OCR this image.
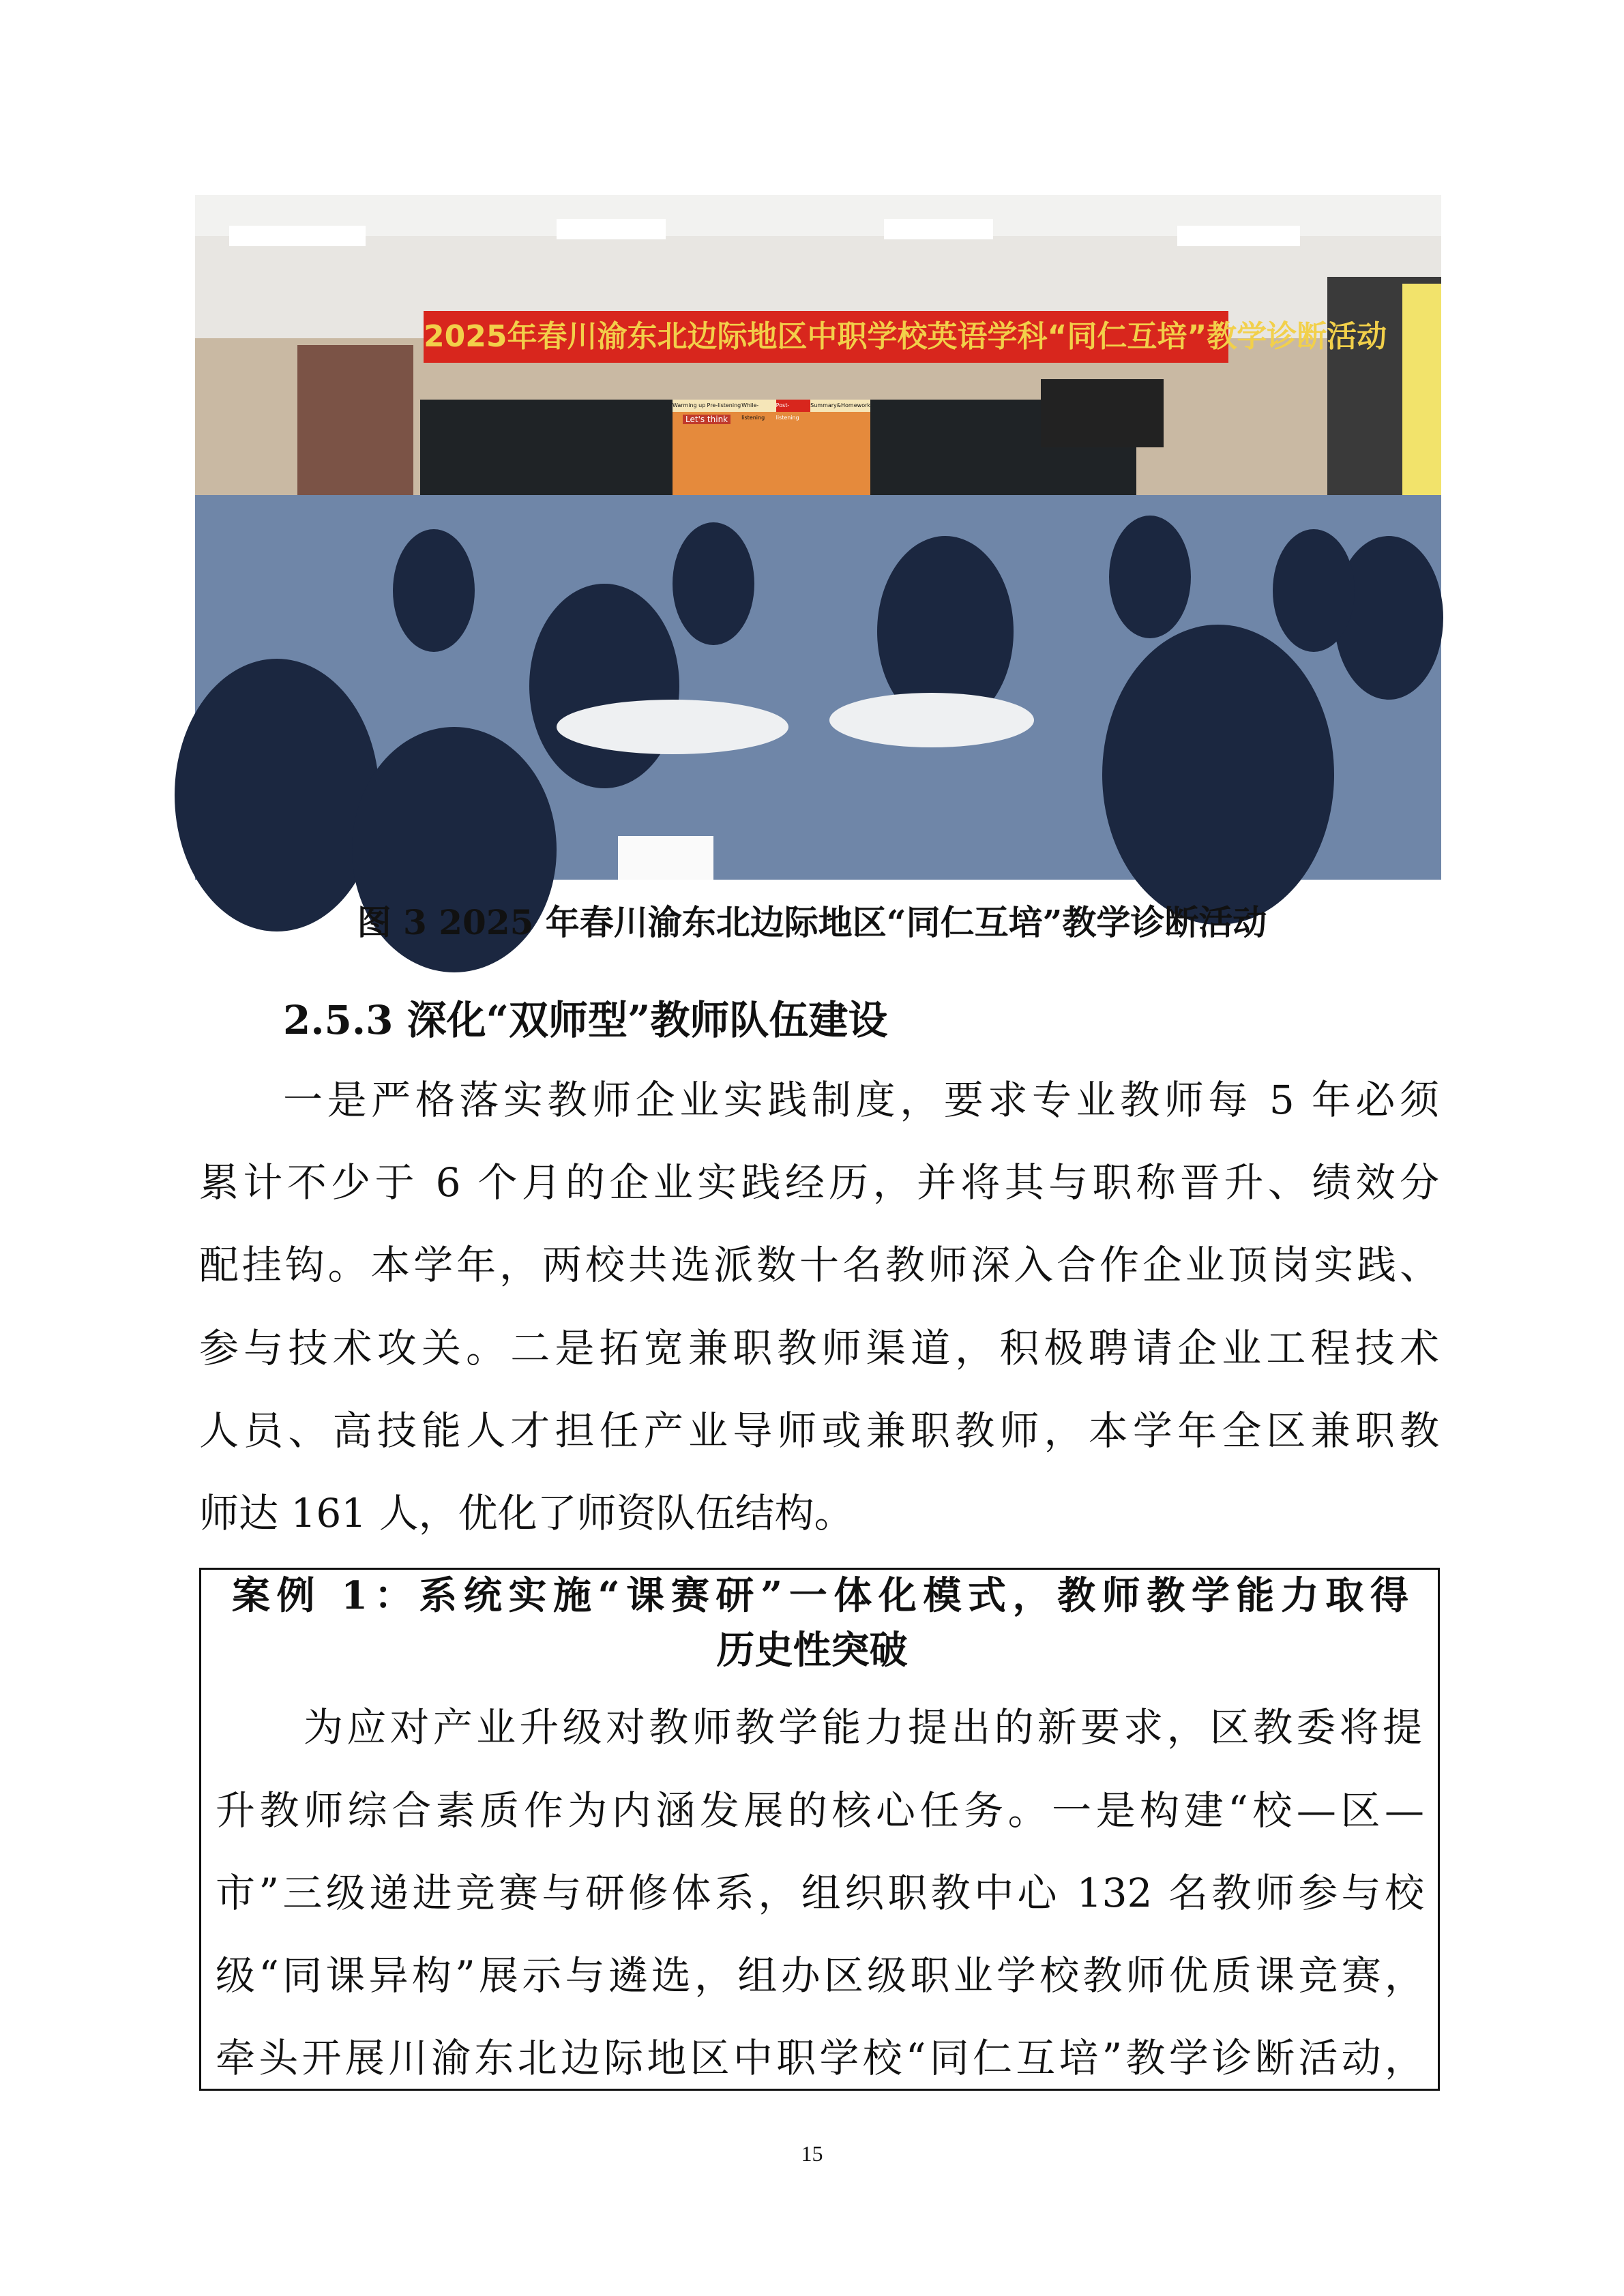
2025年春川渝东北边际地区中职学校英语学科“同仁互培”教学诊断活动
Warming up Pre-listening While-listening
Post-listening
Summary&Homework
Let's think
图 3 2025 年春川渝东北边际地区“同仁互培”教学诊断活动
2.5.3 深化“双师型”教师队伍建设
一是严格落实教师企业实践制度，要求专业教师每 5 年必须
累计不少于 6 个月的企业实践经历，并将其与职称晋升、绩效分
配挂钩。本学年，两校共选派数十名教师深入合作企业顶岗实践、
参与技术攻关。二是拓宽兼职教师渠道，积极聘请企业工程技术
人员、高技能人才担任产业导师或兼职教师，本学年全区兼职教
师达 161 人，优化了师资队伍结构。
案例 1：系统实施“课赛研”一体化模式，教师教学能力取得
历史性突破
为应对产业升级对教师教学能力提出的新要求，区教委将提
升教师综合素质作为内涵发展的核心任务。一是构建“校—区—
市”三级递进竞赛与研修体系，组织职教中心 132 名教师参与校
级“同课异构”展示与遴选，组办区级职业学校教师优质课竞赛，
牵头开展川渝东北边际地区中职学校“同仁互培”教学诊断活动，
15
